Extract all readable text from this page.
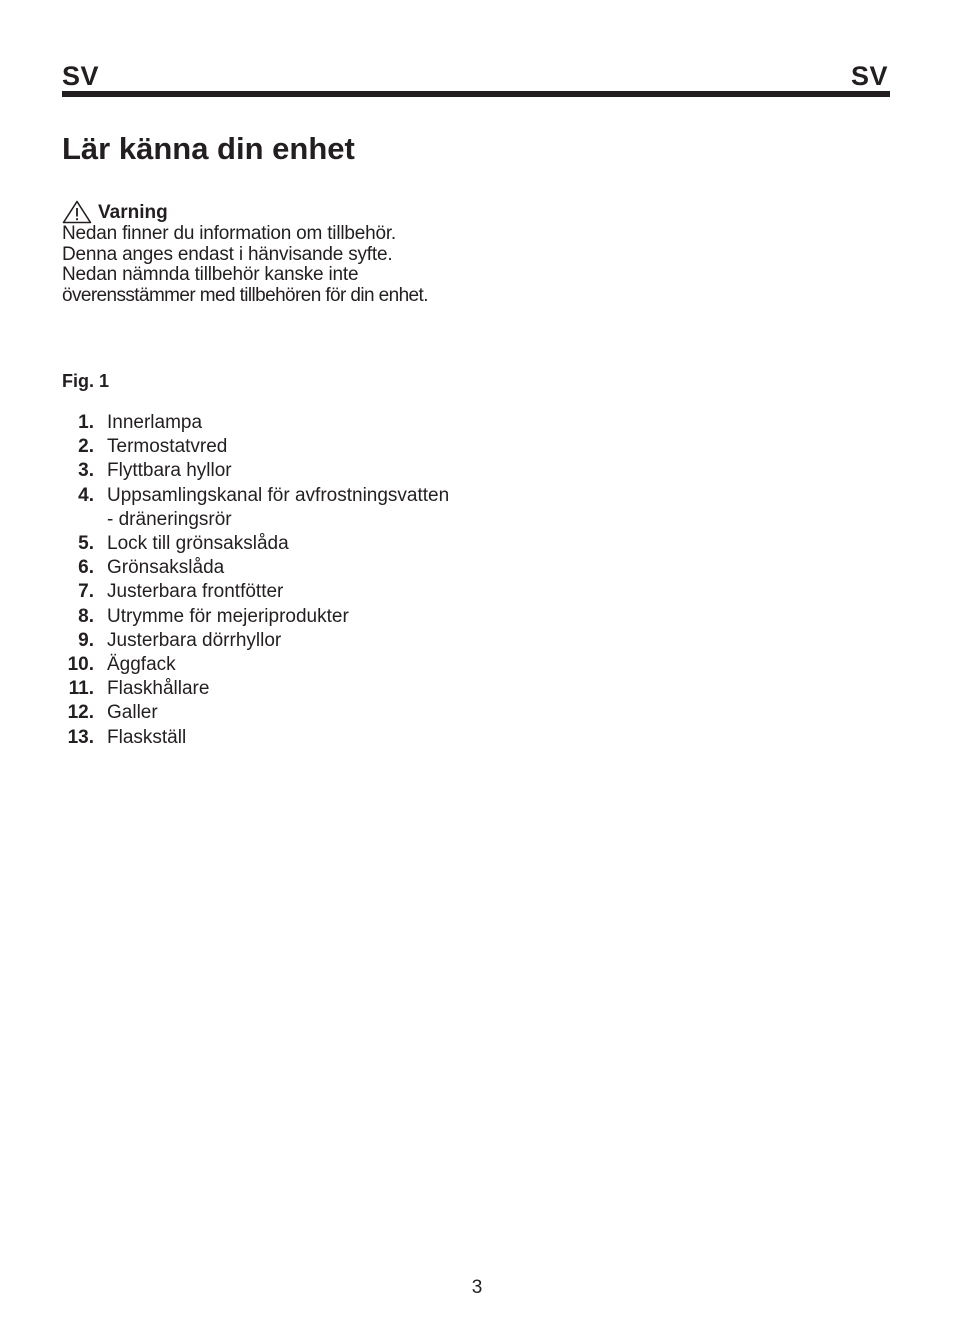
SV	SV
Lär känna din enhet
Varning
Nedan finner du information om tillbehör.
Denna anges endast i hänvisande syfte.
Nedan nämnda tillbehör kanske inte
överensstämmer med tillbehören för din enhet.
Fig. 1
1. Innerlampa
2. Termostatvred
3. Flyttbara hyllor
4. Uppsamlingskanal för avfrostningsvatten
- dräneringsrör
5. Lock till grönsakslåda
6. Grönsakslåda
7. Justerbara frontfötter
8. Utrymme för mejeriprodukter
9. Justerbara dörrhyllor
10. Äggfack
11. Flaskhållare
12. Galler
13. Flaskställ
3
